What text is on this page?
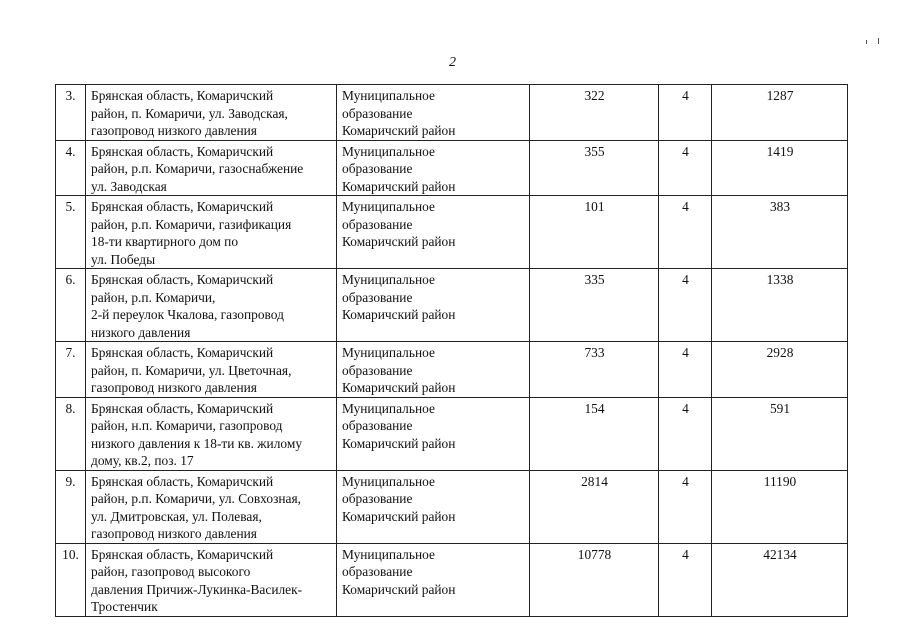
2
3.	Брянская область, Комаричский
район, п. Комаричи, ул. Заводская,
газопровод низкого давления	Муниципальное
образование
Комаричский район	322	4	1287
4.	Брянская область, Комаричский
район, р.п. Комаричи, газоснабжение
ул. Заводская	Муниципальное
образование
Комаричский район	355	4	1419
5.	Брянская область, Комаричский
район, р.п. Комаричи, газификация
18-ти квартирного дом по
ул. Победы	Муниципальное
образование
Комаричский район	101	4	383
6.	Брянская область, Комаричский
район, р.п. Комаричи,
2-й переулок Чкалова, газопровод
низкого давления	Муниципальное
образование
Комаричский район	335	4	1338
7.	Брянская область, Комаричский
район, п. Комаричи, ул. Цветочная,
газопровод низкого давления	Муниципальное
образование
Комаричский район	733	4	2928
8.	Брянская область, Комаричский
район, н.п. Комаричи, газопровод
низкого давления к 18-ти кв. жилому
дому, кв.2, поз. 17	Муниципальное
образование
Комаричский район	154	4	591
9.	Брянская область, Комаричский
район, р.п. Комаричи, ул. Совхозная,
ул. Дмитровская, ул. Полевая,
газопровод низкого давления	Муниципальное
образование
Комаричский район	2814	4	11190
10.	Брянская область, Комаричский
район, газопровод высокого
давления Причиж-Лукинка-Василек-
Тростенчик	Муниципальное
образование
Комаричский район	10778	4	42134
